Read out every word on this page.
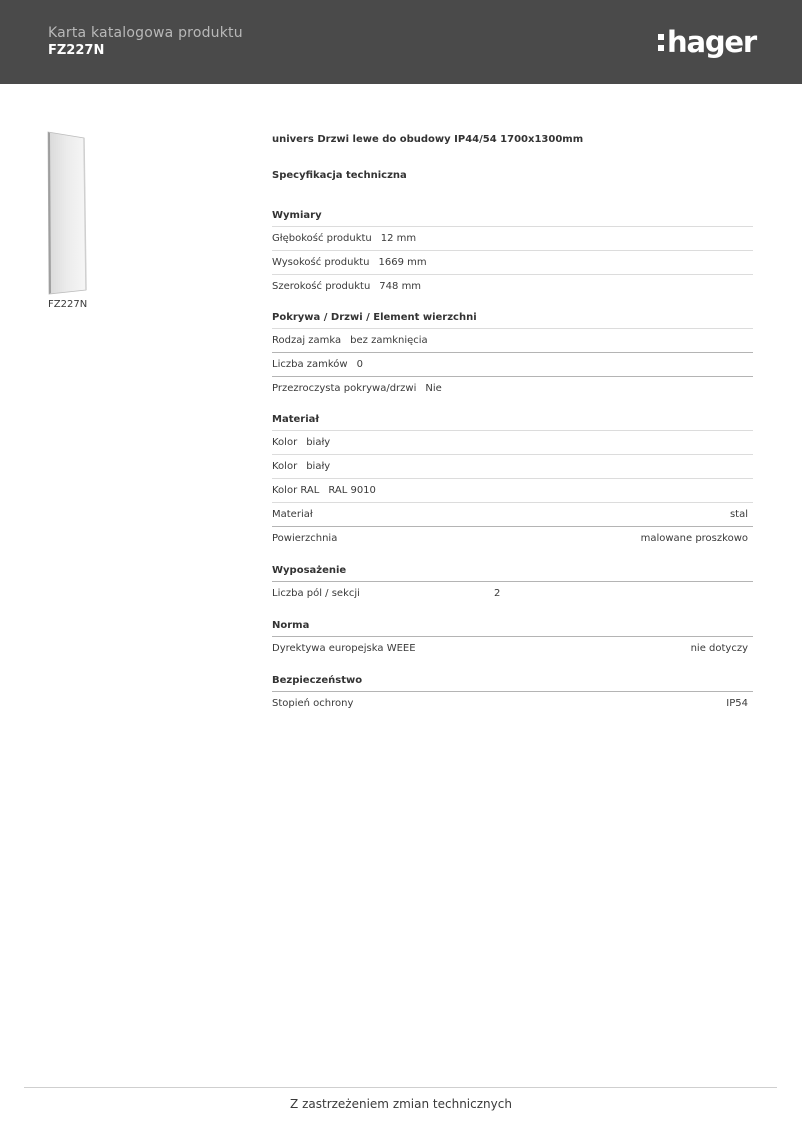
Karta katalogowa produktu
FZ227N	hager
FZ227N
univers Drzwi lewe do obudowy IP44/54 1700x1300mm
Specyfikacja techniczna
Wymiary
Głębokość produktu 12 mm
Wysokość produktu 1669 mm
Szerokość produktu 748 mm
Pokrywa / Drzwi / Element wierzchni
Rodzaj zamka bez zamknięcia
Liczba zamków 0
Przezroczysta pokrywa/drzwi Nie
Materiał
Kolor biały
Kolor biały
Kolor RAL RAL 9010
Materiał	stal
Powierzchnia	malowane proszkowo
Wyposażenie
Liczba pól / sekcji	2
Norma
Dyrektywa europejska WEEE	nie dotyczy
Bezpieczeństwo
Stopień ochrony	IP54
Z zastrzeżeniem zmian technicznych
